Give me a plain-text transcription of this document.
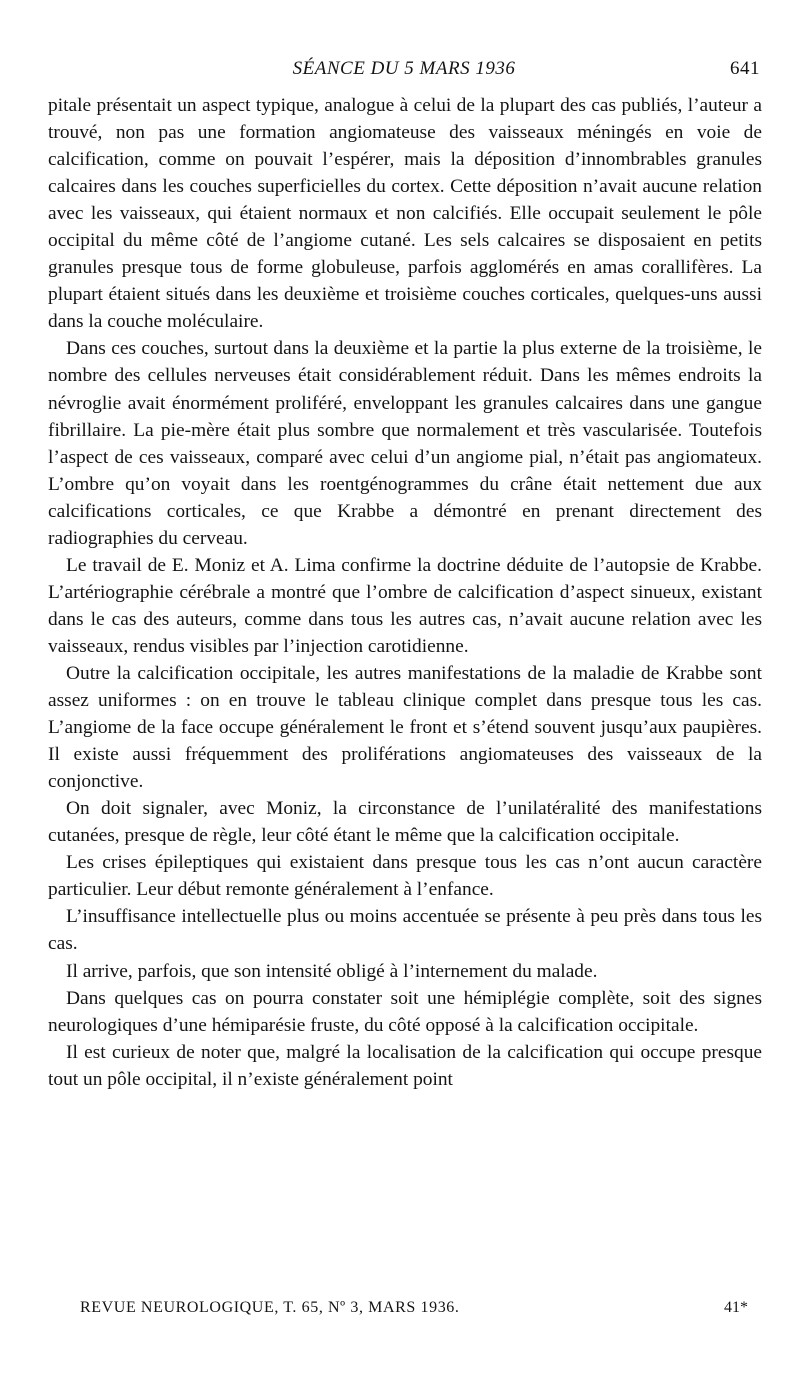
SÉANCE DU 5 MARS 1936	641

pitale présentait un aspect typique, analogue à celui de la plupart des cas publiés, l’auteur a trouvé, non pas une formation angiomateuse des vaisseaux méningés en voie de calcification, comme on pouvait l’espérer, mais la déposition d’innombrables granules calcaires dans les couches superficielles du cortex. Cette déposition n’avait aucune relation avec les vaisseaux, qui étaient normaux et non calcifiés. Elle occupait seulement le pôle occipital du même côté de l’angiome cutané. Les sels calcaires se disposaient en petits granules presque tous de forme globuleuse, parfois agglomérés en amas corallifères. La plupart étaient situés dans les deuxième et troisième couches corticales, quelques-uns aussi dans la couche moléculaire.

Dans ces couches, surtout dans la deuxième et la partie la plus externe de la troisième, le nombre des cellules nerveuses était considérablement réduit. Dans les mêmes endroits la névroglie avait énormément proliféré, enveloppant les granules calcaires dans une gangue fibrillaire. La pie-mère était plus sombre que normalement et très vascularisée. Toutefois l’aspect de ces vaisseaux, comparé avec celui d’un angiome pial, n’était pas angiomateux. L’ombre qu’on voyait dans les roentgénogrammes du crâne était nettement due aux calcifications corticales, ce que Krabbe a démontré en prenant directement des radiographies du cerveau.

Le travail de E. Moniz et A. Lima confirme la doctrine déduite de l’autopsie de Krabbe. L’artériographie cérébrale a montré que l’ombre de calcification d’aspect sinueux, existant dans le cas des auteurs, comme dans tous les autres cas, n’avait aucune relation avec les vaisseaux, rendus visibles par l’injection carotidienne.

Outre la calcification occipitale, les autres manifestations de la maladie de Krabbe sont assez uniformes : on en trouve le tableau clinique complet dans presque tous les cas. L’angiome de la face occupe généralement le front et s’étend souvent jusqu’aux paupières. Il existe aussi fréquemment des proliférations angiomateuses des vaisseaux de la conjonctive.

On doit signaler, avec Moniz, la circonstance de l’unilatéralité des manifestations cutanées, presque de règle, leur côté étant le même que la calcification occipitale.

Les crises épileptiques qui existaient dans presque tous les cas n’ont aucun caractère particulier. Leur début remonte généralement à l’enfance.

L’insuffisance intellectuelle plus ou moins accentuée se présente à peu près dans tous les cas.

Il arrive, parfois, que son intensité obligé à l’internement du malade.

Dans quelques cas on pourra constater soit une hémiplégie complète, soit des signes neurologiques d’une hémiparésie fruste, du côté opposé à la calcification occipitale.

Il est curieux de noter que, malgré la localisation de la calcification qui occupe presque tout un pôle occipital, il n’existe généralement point

REVUE NEUROLOGIQUE, T. 65, Nº 3, MARS 1936.	41*
